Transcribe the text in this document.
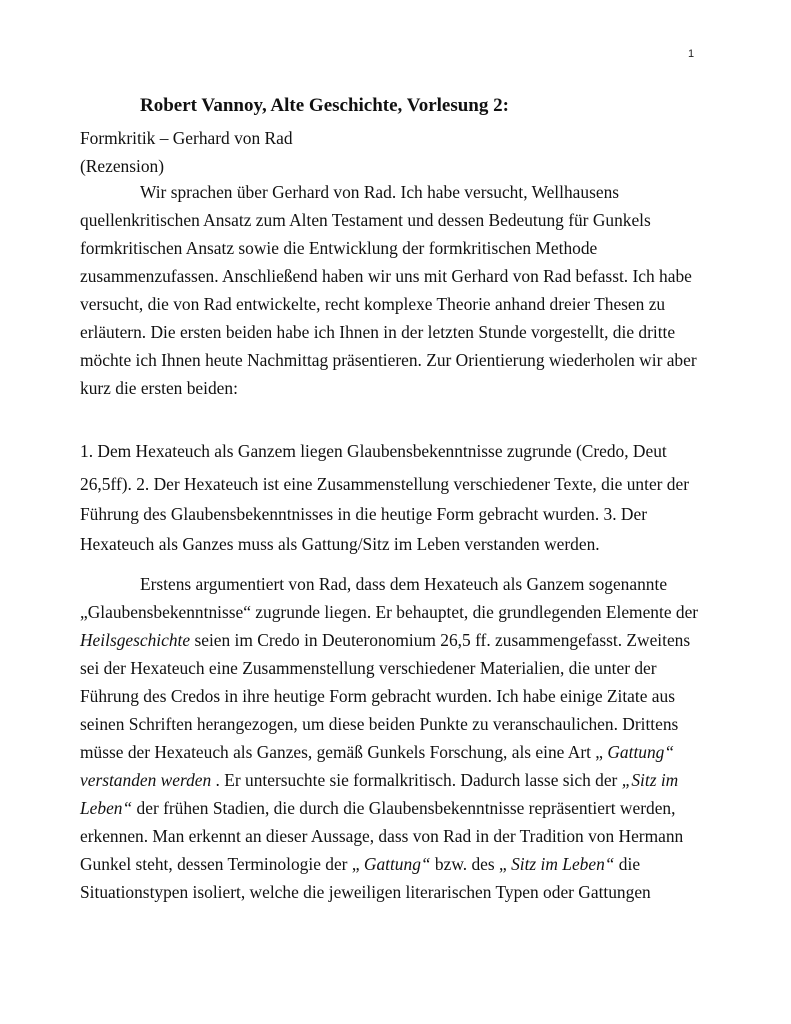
1
Robert Vannoy, Alte Geschichte, Vorlesung 2:
Formkritik – Gerhard von Rad
(Rezension)
Wir sprachen über Gerhard von Rad. Ich habe versucht, Wellhausens
quellenkritischen Ansatz zum Alten Testament und dessen Bedeutung für Gunkels
formkritischen Ansatz sowie die Entwicklung der formkritischen Methode
zusammenzufassen. Anschließend haben wir uns mit Gerhard von Rad befasst. Ich habe
versucht, die von Rad entwickelte, recht komplexe Theorie anhand dreier Thesen zu
erläutern. Die ersten beiden habe ich Ihnen in der letzten Stunde vorgestellt, die dritte
möchte ich Ihnen heute Nachmittag präsentieren. Zur Orientierung wiederholen wir aber
kurz die ersten beiden:
1. Dem Hexateuch als Ganzem liegen Glaubensbekenntnisse zugrunde (Credo, Deut
26,5ff). 2. Der Hexateuch ist eine Zusammenstellung verschiedener Texte, die unter der
Führung des Glaubensbekenntnisses in die heutige Form gebracht wurden. 3. Der
Hexateuch als Ganzes muss als Gattung/Sitz im Leben verstanden werden.
Erstens argumentiert von Rad, dass dem Hexateuch als Ganzem sogenannte
„Glaubensbekenntnisse“ zugrunde liegen. Er behauptet, die grundlegenden Elemente der
Heilsgeschichte seien im Credo in Deuteronomium 26,5 ff. zusammengefasst. Zweitens
sei der Hexateuch eine Zusammenstellung verschiedener Materialien, die unter der
Führung des Credos in ihre heutige Form gebracht wurden. Ich habe einige Zitate aus
seinen Schriften herangezogen, um diese beiden Punkte zu veranschaulichen. Drittens
müsse der Hexateuch als Ganzes, gemäß Gunkels Forschung, als eine Art „ Gattung“
verstanden werden . Er untersuchte sie formalkritisch. Dadurch lasse sich der „Sitz im
Leben“ der frühen Stadien, die durch die Glaubensbekenntnisse repräsentiert werden,
erkennen. Man erkennt an dieser Aussage, dass von Rad in der Tradition von Hermann
Gunkel steht, dessen Terminologie der „ Gattung“ bzw. des „ Sitz im Leben“ die
Situationstypen isoliert, welche die jeweiligen literarischen Typen oder Gattungen
